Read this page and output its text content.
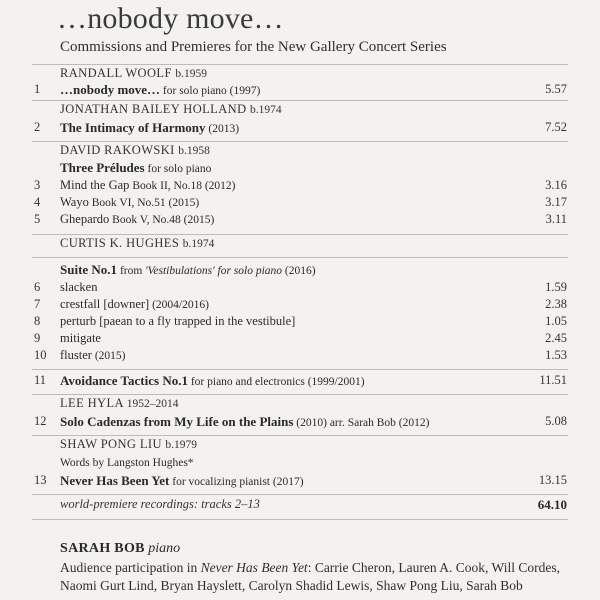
…nobody move…
Commissions and Premieres for the New Gallery Concert Series
RANDALL WOOLF b.1959
1 …nobody move… for solo piano (1997)	5.57
JONATHAN BAILEY HOLLAND b.1974
2 The Intimacy of Harmony (2013)	7.52
DAVID RAKOWSKI b.1958
Three Préludes for solo piano
3 Mind the Gap Book II, No.18 (2012)	3.16
4 Wayo Book VI, No.51 (2015)	3.17
5 Ghepardo Book V, No.48 (2015)	3.11
CURTIS K. HUGHES b.1974
Suite No.1 from 'Vestibulations' for solo piano (2016)
6 slacken	1.59
7 crestfall [downer] (2004/2016)	2.38
8 perturb [paean to a fly trapped in the vestibule]	1.05
9 mitigate	2.45
10 fluster (2015)	1.53
11 Avoidance Tactics No.1 for piano and electronics (1999/2001)	11.51
LEE HYLA 1952–2014
12 Solo Cadenzas from My Life on the Plains (2010) arr. Sarah Bob (2012)	5.08
SHAW PONG LIU b.1979
Words by Langston Hughes*
13 Never Has Been Yet for vocalizing pianist (2017)	13.15
world-premiere recordings: tracks 2–13	64.10
SARAH BOB piano
Audience participation in Never Has Been Yet: Carrie Cheron, Lauren A. Cook, Will Cordes,
Naomi Gurt Lind, Bryan Hayslett, Carolyn Shadid Lewis, Shaw Pong Liu, Sarah Bob
